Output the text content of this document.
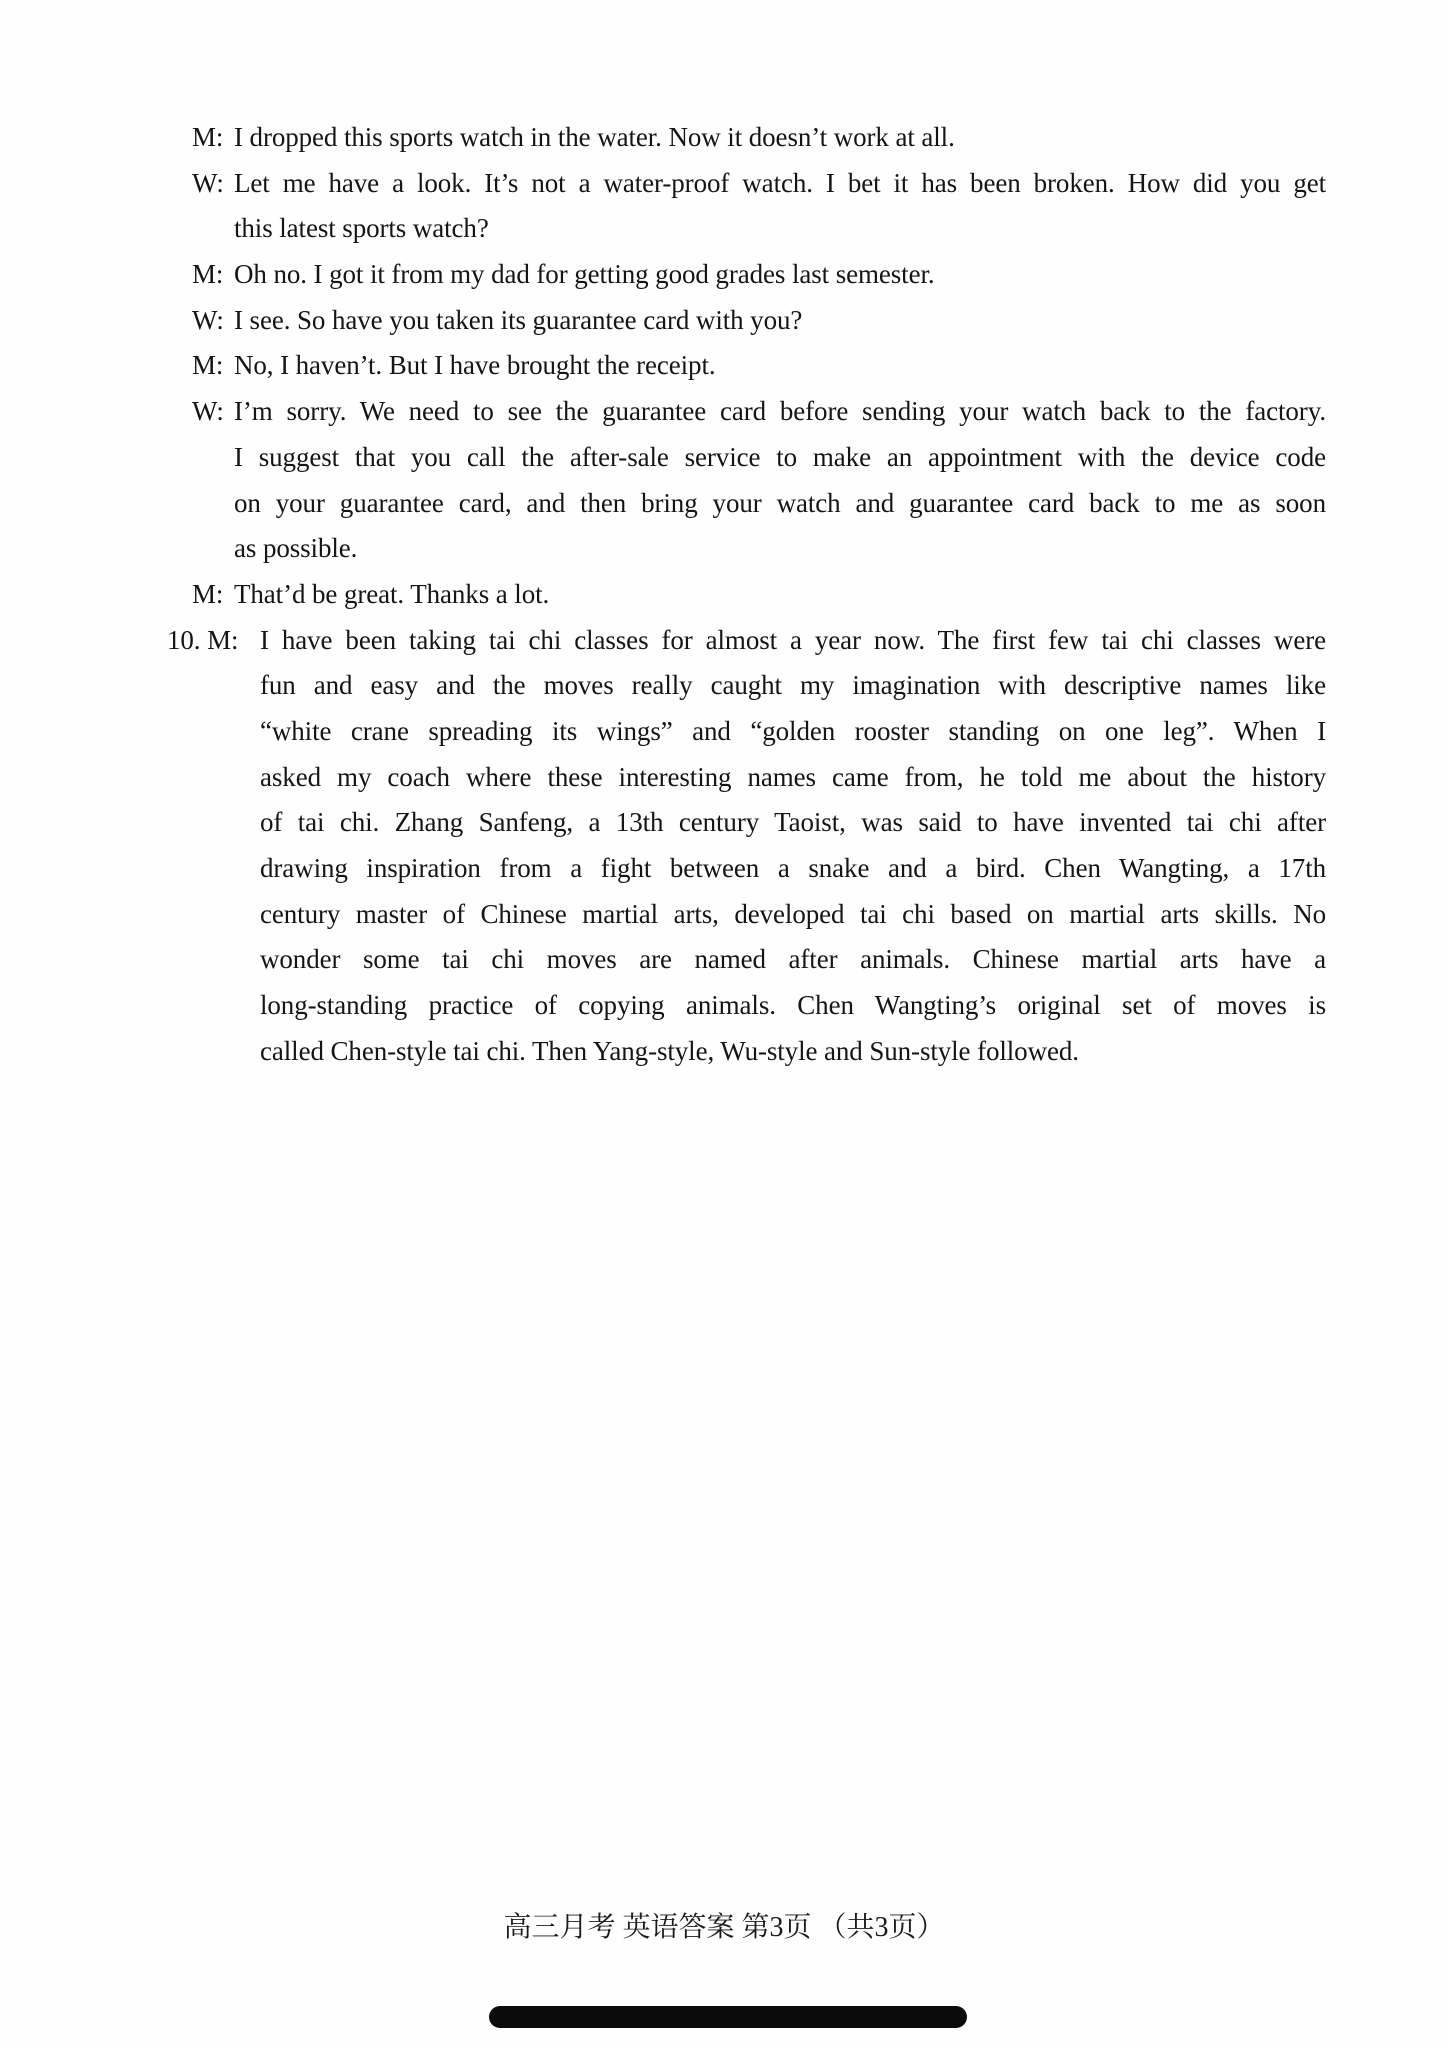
M: I dropped this sports watch in the water. Now it doesn’t work at all.
W: Let me have a look. It’s not a water-proof watch. I bet it has been broken. How did you get
this latest sports watch?
M: Oh no. I got it from my dad for getting good grades last semester.
W: I see. So have you taken its guarantee card with you?
M: No, I haven’t. But I have brought the receipt.
W: I’m sorry. We need to see the guarantee card before sending your watch back to the factory.
I suggest that you call the after-sale service to make an appointment with the device code
on your guarantee card, and then bring your watch and guarantee card back to me as soon
as possible.
M: That’d be great. Thanks a lot.
10. M: I have been taking tai chi classes for almost a year now. The first few tai chi classes were
fun and easy and the moves really caught my imagination with descriptive names like
“white crane spreading its wings” and “golden rooster standing on one leg”. When I
asked my coach where these interesting names came from, he told me about the history
of tai chi. Zhang Sanfeng, a 13th century Taoist, was said to have invented tai chi after
drawing inspiration from a fight between a snake and a bird. Chen Wangting, a 17th
century master of Chinese martial arts, developed tai chi based on martial arts skills. No
wonder some tai chi moves are named after animals. Chinese martial arts have a
long-standing practice of copying animals. Chen Wangting’s original set of moves is
called Chen-style tai chi. Then Yang-style, Wu-style and Sun-style followed.
高三月考 英语答案 第3页 （共3页）
